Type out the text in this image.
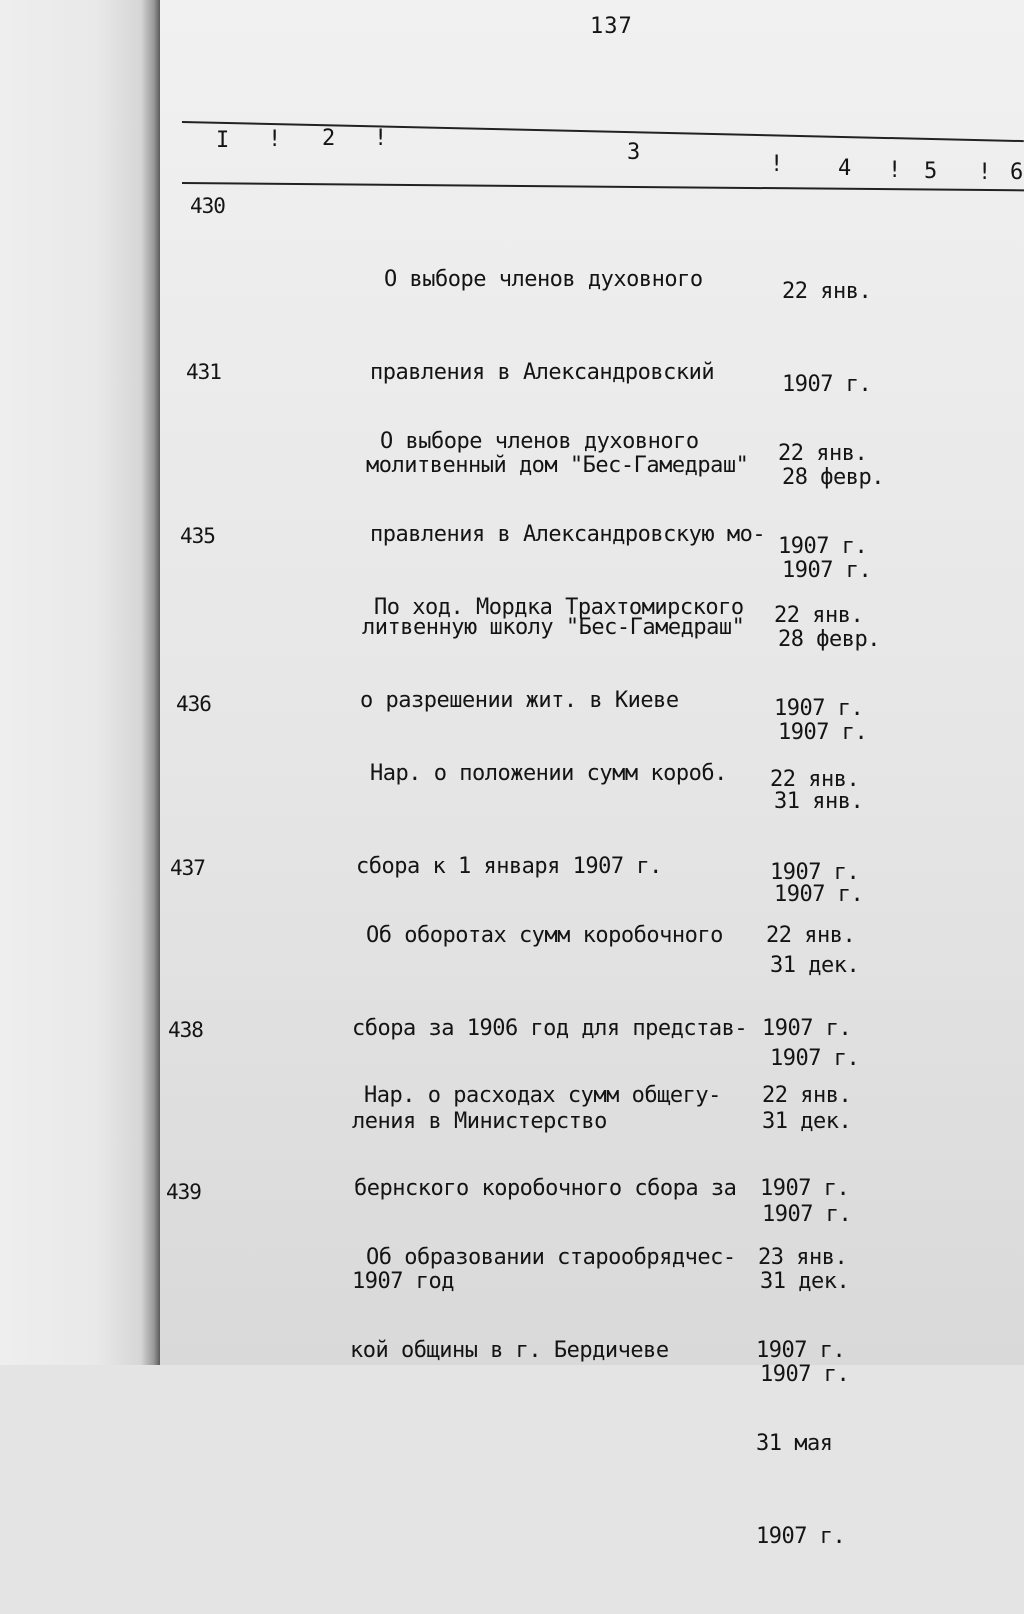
137
I ! 2 !
3	! 4 ! 5 ! 6
430

О выборе членов духовного

правления в Александровский

молитвенный дом "Бес-Гамедраш"

22 янв.

1907 г.

28 февр.

1907 г.

431

О выборе членов духовного

правления в Александровскую мо-

литвенную школу "Бес-Гамедраш"

22 янв.

1907 г.

28 февр.

1907 г.

435

По ход. Мордка Трахтомирского

о разрешении жит. в Киеве

22 янв.

1907 г.

31 янв.

1907 г.

436

Нар. о положении сумм короб.

сбора к 1 января 1907 г.

22 янв.

1907 г.

31 дек.

1907 г.

437

Об оборотах сумм коробочного

сбора за 1906 год для представ-

ления в Министерство

22 янв.

1907 г.

31 дек.

1907 г.

438

Нар. о расходах сумм общегу-

бернского коробочного сбора за

1907 год

22 янв.

1907 г.

31 дек.

1907 г.

439

Об образовании старообрядчес-

кой общины в г. Бердичеве

23 янв.

1907 г.

31 мая

1907 г.
